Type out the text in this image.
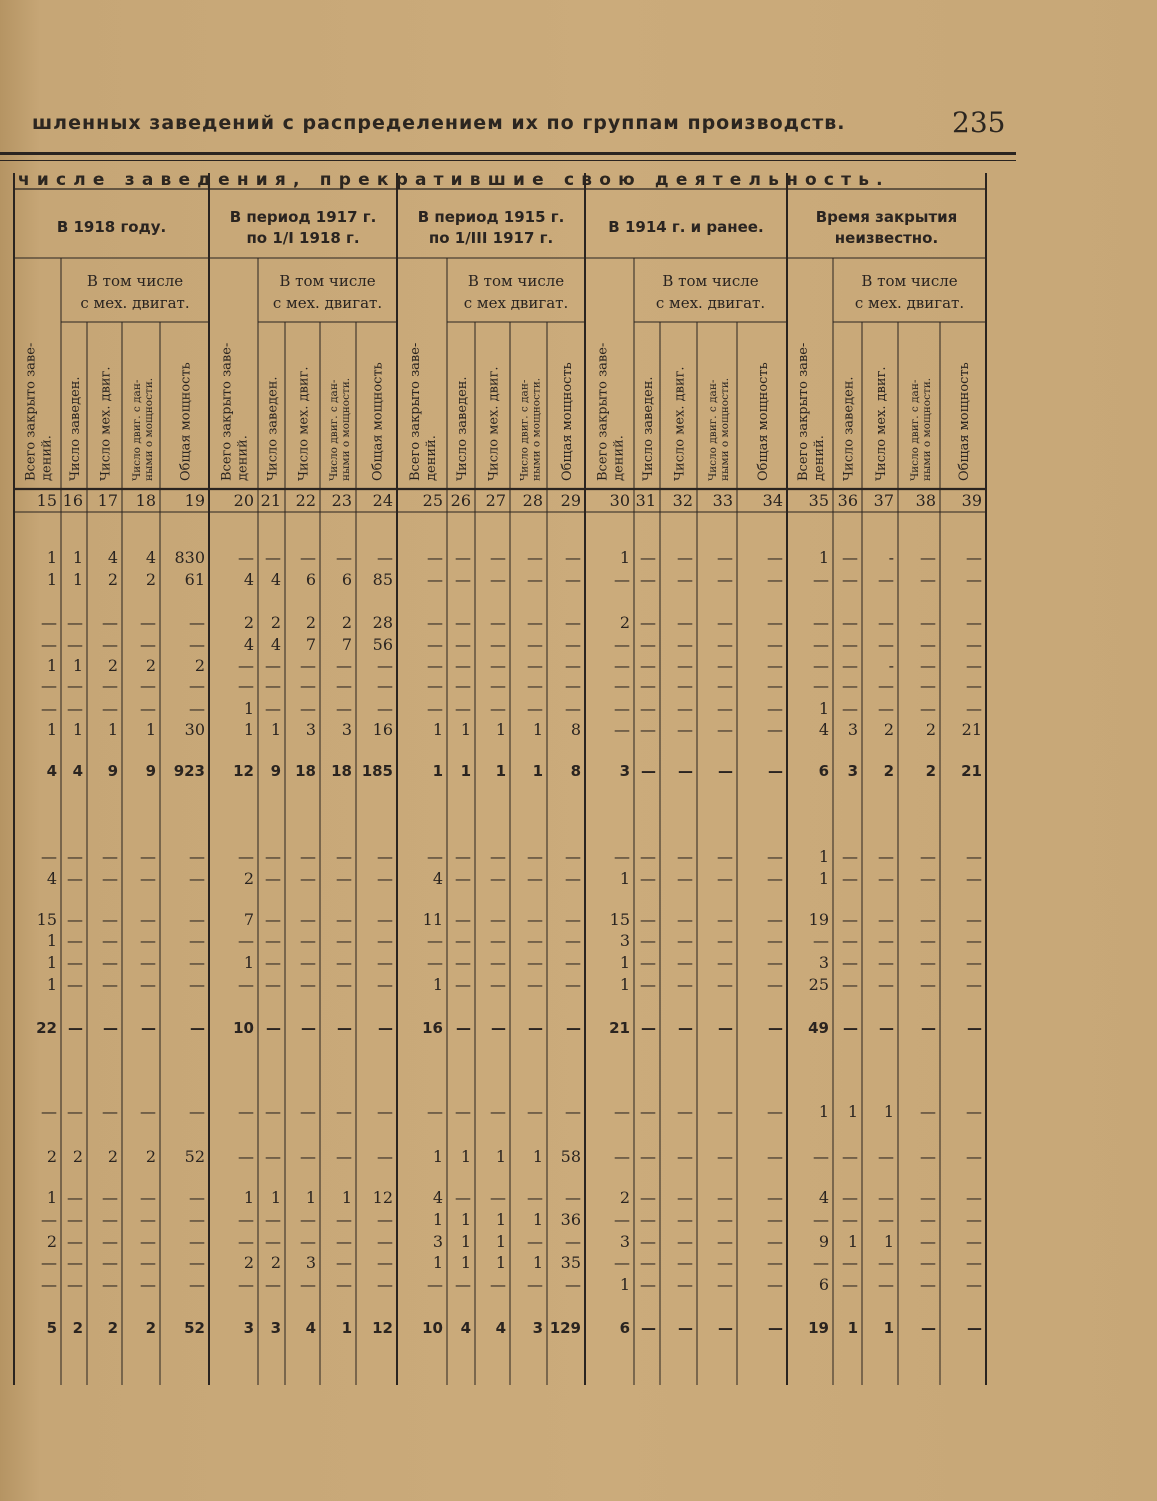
шленных заведений с распределением их по группам производств.	235
числе заведения, прекратившие свою деятельность.
В 1918 году.
В том числе
с мех. двигат.
Всего закрыто заве- дений. Число заведен. Число мех. двиг. Число двиг. с дан- ными о мощности. Общая мощность
В период 1917 г.
по 1/I 1918 г.
В том числе
с мех. двигат.
Всего закрыто заве- дений. Число заведен. Число мех. двиг. Число двиг. с дан- ными о мощности. Общая мощность
В период 1915 г.
по 1/III 1917 г.
В том числе
с мех двигат.
Всего закрыто заве- дений. Число заведен. Число мех. двиг. Число двиг. с дан- ными о мощности. Общая мощность
В 1914 г. и ранее.
В том числе
с мех. двигат.
Всего закрыто заве- дений. Число заведен. Число мех. двиг. Число двиг. с дан- ными о мощности. Общая мощность
Время закрытия
неизвестно.
В том числе
с мех. двигат.
Всего закрыто заве- дений. Число заведен. Число мех. двиг. Число двиг. с дан- ными о мощности. Общая мощность
15 16 17 18 19 20 21 22 23 24 25 26 27 28 29 30 31 32 33 34 35 36 37 38 39
1 1 4 4 830 — — — — — — — — — — 1 — — — — 1 — - — —
1 1 2 2 61 4 4 6 6 85 — — — — — — — — — — — — — — —
— — — — — 2 2 2 2 28 — — — — — 2 — — — — — — — — —
— — — — — 4 4 7 7 56 — — — — — — — — — — — — — — —
1 1 2 2 2 — — — — — — — — — — — — — — — — — - — —
— — — — — — — — — — — — — — — — — — — — — — — — —
— — — — — 1 — — — — — — — — — — — — — — 1 — — — —
1 1 1 1 30 1 1 3 3 16 1 1 1 1 8 — — — — — 4 3 2 2 21
4 4 9 9 923 12 9 18 18 185	1 1 1 1 8	3 — — — — 6 3 2 2 21
— — — — — — — — — — — — — — — — — — — — 1 — — — —
4 — — — — 2 — — — — 4 — — — — 1 — — — — 1 — — — —
15 — — — — 7 — — — — 11 — — — — 15 — — — — 19 — — — —
1 — — — — — — — — — — — — — — 3 — — — — — — — — —
1 — — — — 1 — — — — — — — — — 1 — — — — 3 — — — —
1 — — — — — — — — — 1 — — — — 1 — — — — 25 — — — —
22 — — — — 10 — — — — 16 — — — — 21 — — — — 49 — — — —
— — — — — — — — — — — — — — — — — — — — 1 1 1 — —
2 2 2 2 52 — — — — — 1 1 1 1 58 — — — — — — — — — —
1 — — — — 1 1 1 1 12 4 — — — — 2 — — — — 4 — — — —
— — — — — — — — — — 1 1 1 1 36 — — — — — — — — — —
2 — — — — — — — — — 3 1 1 — — 3 — — — — 9 1 1 — —
— — — — — 2 2 3 — — 1 1 1 1 35 — — — — — — — — — —
— — — — — — — — — — — — — — — 1 — — — — 6 — — — —
5 2 2 2 52	3 3 4 1 12 10 4 4 3 129	6 — — — — 19 1 1 — —
